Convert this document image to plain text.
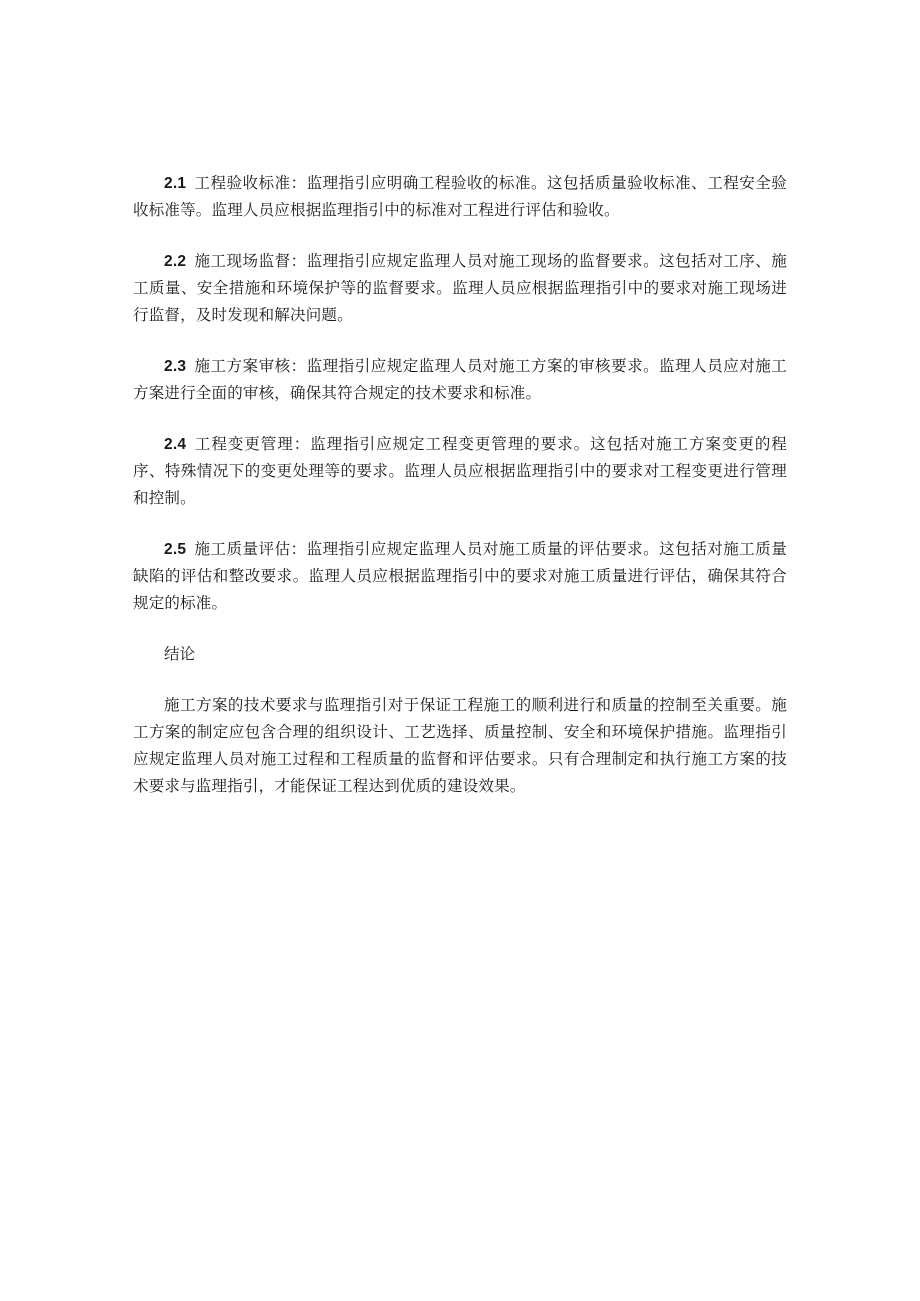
2.1 工程验收标准：监理指引应明确工程验收的标准。这包括质量验收标准、工程安全验收标准等。监理人员应根据监理指引中的标准对工程进行评估和验收。

2.2 施工现场监督：监理指引应规定监理人员对施工现场的监督要求。这包括对工序、施工质量、安全措施和环境保护等的监督要求。监理人员应根据监理指引中的要求对施工现场进行监督，及时发现和解决问题。

2.3 施工方案审核：监理指引应规定监理人员对施工方案的审核要求。监理人员应对施工方案进行全面的审核，确保其符合规定的技术要求和标准。

2.4 工程变更管理：监理指引应规定工程变更管理的要求。这包括对施工方案变更的程序、特殊情况下的变更处理等的要求。监理人员应根据监理指引中的要求对工程变更进行管理和控制。

2.5 施工质量评估：监理指引应规定监理人员对施工质量的评估要求。这包括对施工质量缺陷的评估和整改要求。监理人员应根据监理指引中的要求对施工质量进行评估，确保其符合规定的标准。

结论

施工方案的技术要求与监理指引对于保证工程施工的顺利进行和质量的控制至关重要。施工方案的制定应包含合理的组织设计、工艺选择、质量控制、安全和环境保护措施。监理指引应规定监理人员对施工过程和工程质量的监督和评估要求。只有合理制定和执行施工方案的技术要求与监理指引，才能保证工程达到优质的建设效果。
